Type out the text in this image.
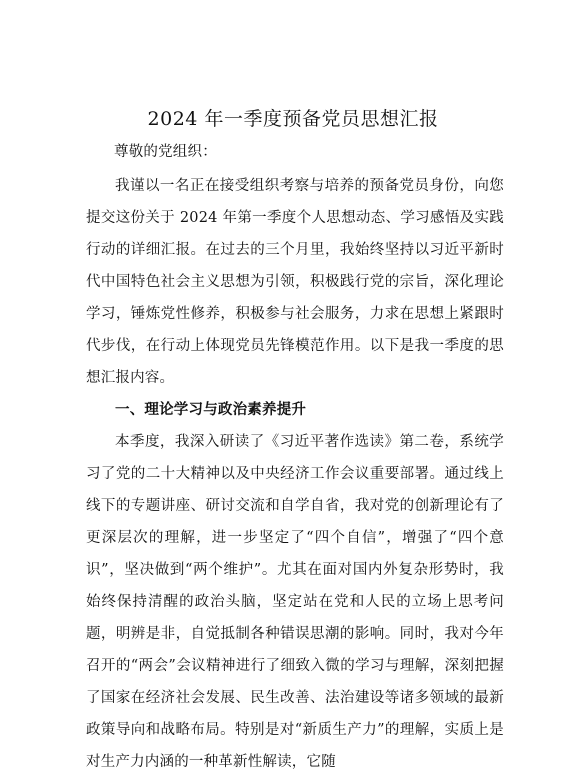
2024 年一季度预备党员思想汇报

尊敬的党组织：

我谨以一名正在接受组织考察与培养的预备党员身份，向您提交这份关于 2024 年第一季度个人思想动态、学习感悟及实践行动的详细汇报。在过去的三个月里，我始终坚持以习近平新时代中国特色社会主义思想为引领，积极践行党的宗旨，深化理论学习，锤炼党性修养，积极参与社会服务，力求在思想上紧跟时代步伐，在行动上体现党员先锋模范作用。以下是我一季度的思想汇报内容。

一、理论学习与政治素养提升

本季度，我深入研读了《习近平著作选读》第二卷，系统学习了党的二十大精神以及中央经济工作会议重要部署。通过线上线下的专题讲座、研讨交流和自学自省，我对党的创新理论有了更深层次的理解，进一步坚定了“四个自信”，增强了“四个意识”，坚决做到“两个维护”。尤其在面对国内外复杂形势时，我始终保持清醒的政治头脑，坚定站在党和人民的立场上思考问题，明辨是非，自觉抵制各种错误思潮的影响。同时，我对今年召开的“两会”会议精神进行了细致入微的学习与理解，深刻把握了国家在经济社会发展、民生改善、法治建设等诸多领域的最新政策导向和战略布局。特别是对“新质生产力”的理解，实质上是对生产力内涵的一种革新性解读，它随
